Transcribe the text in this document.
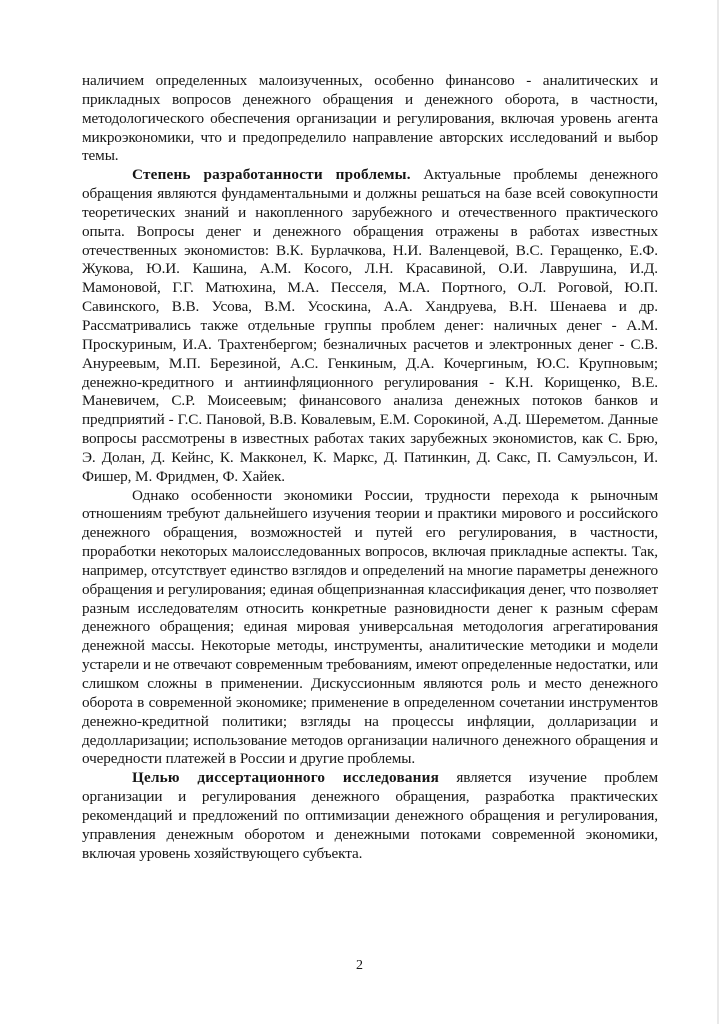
наличием определенных малоизученных, особенно финансово - аналитических и прикладных вопросов денежного обращения и денежного оборота, в частности, методологического обеспечения организации и регулирования, включая уровень агента микроэкономики, что и предопределило направление авторских исследований и выбор темы.

Степень разработанности проблемы. Актуальные проблемы денежного обращения являются фундаментальными и должны решаться на базе всей совокупности теоретических знаний и накопленного зарубежного и отечественного практического опыта. Вопросы денег и денежного обращения отражены в работах известных отечественных экономистов: В.К. Бурлачкова, Н.И. Валенцевой, В.С. Геращенко, Е.Ф. Жукова, Ю.И. Кашина, А.М. Косого, Л.Н. Красавиной, О.И. Лаврушина, И.Д. Мамоновой, Г.Г. Матюхина, М.А. Песселя, М.А. Портного, О.Л. Роговой, Ю.П. Савинского, В.В. Усова, В.М. Усоскина, А.А. Хандруева, В.Н. Шенаева и др. Рассматривались также отдельные группы проблем денег: наличных денег - А.М. Проскуриным, И.А. Трахтенбергом; безналичных расчетов и электронных денег - С.В. Ануреевым, М.П. Березиной, А.С. Генкиным, Д.А. Кочергиным, Ю.С. Крупновым; денежно-кредитного и антиинфляционного регулирования - К.Н. Корищенко, В.Е. Маневичем, С.Р. Моисеевым; финансового анализа денежных потоков банков и предприятий - Г.С. Пановой, В.В. Ковалевым, Е.М. Сорокиной, А.Д. Шереметом. Данные вопросы рассмотрены в известных работах таких зарубежных экономистов, как С. Брю, Э. Долан, Д. Кейнс, К. Макконел, К. Маркс, Д. Патинкин, Д. Сакс, П. Самуэльсон, И. Фишер, М. Фридмен, Ф. Хайек.

Однако особенности экономики России, трудности перехода к рыночным отношениям требуют дальнейшего изучения теории и практики мирового и российского денежного обращения, возможностей и путей его регулирования, в частности, проработки некоторых малоисследованных вопросов, включая прикладные аспекты. Так, например, отсутствует единство взглядов и определений на многие параметры денежного обращения и регулирования; единая общепризнанная классификация денег, что позволяет разным исследователям относить конкретные разновидности денег к разным сферам денежного обращения; единая мировая универсальная методология агрегатирования денежной массы. Некоторые методы, инструменты, аналитические методики и модели устарели и не отвечают современным требованиям, имеют определенные недостатки, или слишком сложны в применении. Дискуссионным являются роль и место денежного оборота в современной экономике; применение в определенном сочетании инструментов денежно-кредитной политики; взгляды на процессы инфляции, долларизации и дедолларизации; использование методов организации наличного денежного обращения и очередности платежей в России и другие проблемы.

Целью диссертационного исследования является изучение проблем организации и регулирования денежного обращения, разработка практических рекомендаций и предложений по оптимизации денежного обращения и регулирования, управления денежным оборотом и денежными потоками современной экономики, включая уровень хозяйствующего субъекта.

2
